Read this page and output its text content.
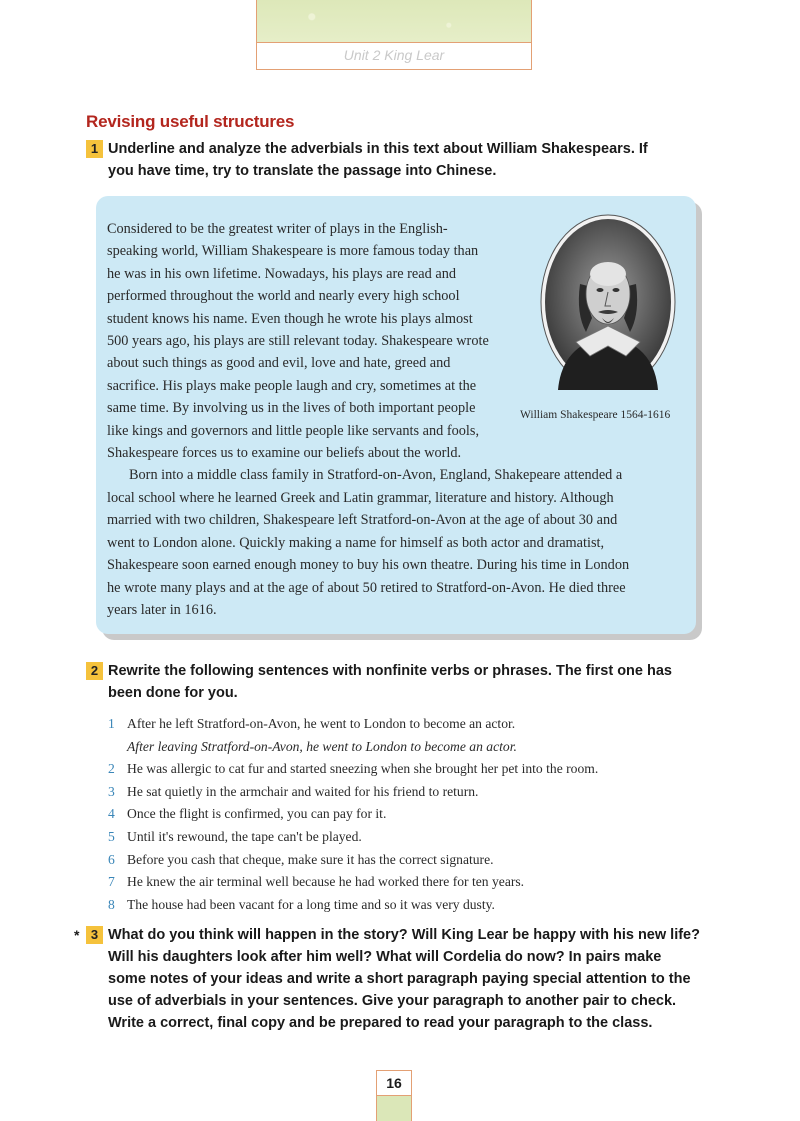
Unit 2 King Lear
Revising useful structures
1 Underline and analyze the adverbials in this text about William Shakespears. If
you have time, try to translate the passage into Chinese.

Considered to be the greatest writer of plays in the English-
speaking world, William Shakespeare is more famous today than
he was in his own lifetime. Nowadays, his plays are read and
performed throughout the world and nearly every high school
student knows his name. Even though he wrote his plays almost
500 years ago, his plays are still relevant today. Shakespeare wrote
about such things as good and evil, love and hate, greed and
sacrifice. His plays make people laugh and cry, sometimes at the
same time. By involving us in the lives of both important people
like kings and governors and little people like servants and fools,
Shakespeare forces us to examine our beliefs about the world.

Born into a middle class family in Stratford-on-Avon, England, Shakepeare attended a
local school where he learned Greek and Latin grammar, literature and history. Although
married with two children, Shakespeare left Stratford-on-Avon at the age of about 30 and
went to London alone. Quickly making a name for himself as both actor and dramatist,
Shakespeare soon earned enough money to buy his own theatre. During his time in London
he wrote many plays and at the age of about 50 retired to Stratford-on-Avon. He died three
years later in 1616.

William Shakespeare 1564-1616
2 Rewrite the following sentences with nonfinite verbs or phrases. The first one has
been done for you.
1 After he left Stratford-on-Avon, he went to London to become an actor.
After leaving Stratford-on-Avon, he went to London to become an actor.
2 He was allergic to cat fur and started sneezing when she brought her pet into the room.
3 He sat quietly in the armchair and waited for his friend to return.
4 Once the flight is confirmed, you can pay for it.
5 Until it's rewound, the tape can't be played.
6 Before you cash that cheque, make sure it has the correct signature.
7 He knew the air terminal well because he had worked there for ten years.
8 The house had been vacant for a long time and so it was very dusty.
* 3 What do you think will happen in the story? Will King Lear be happy with his new life?
Will his daughters look after him well? What will Cordelia do now? In pairs make
some notes of your ideas and write a short paragraph paying special attention to the
use of adverbials in your sentences. Give your paragraph to another pair to check.
Write a correct, final copy and be prepared to read your paragraph to the class.
16
